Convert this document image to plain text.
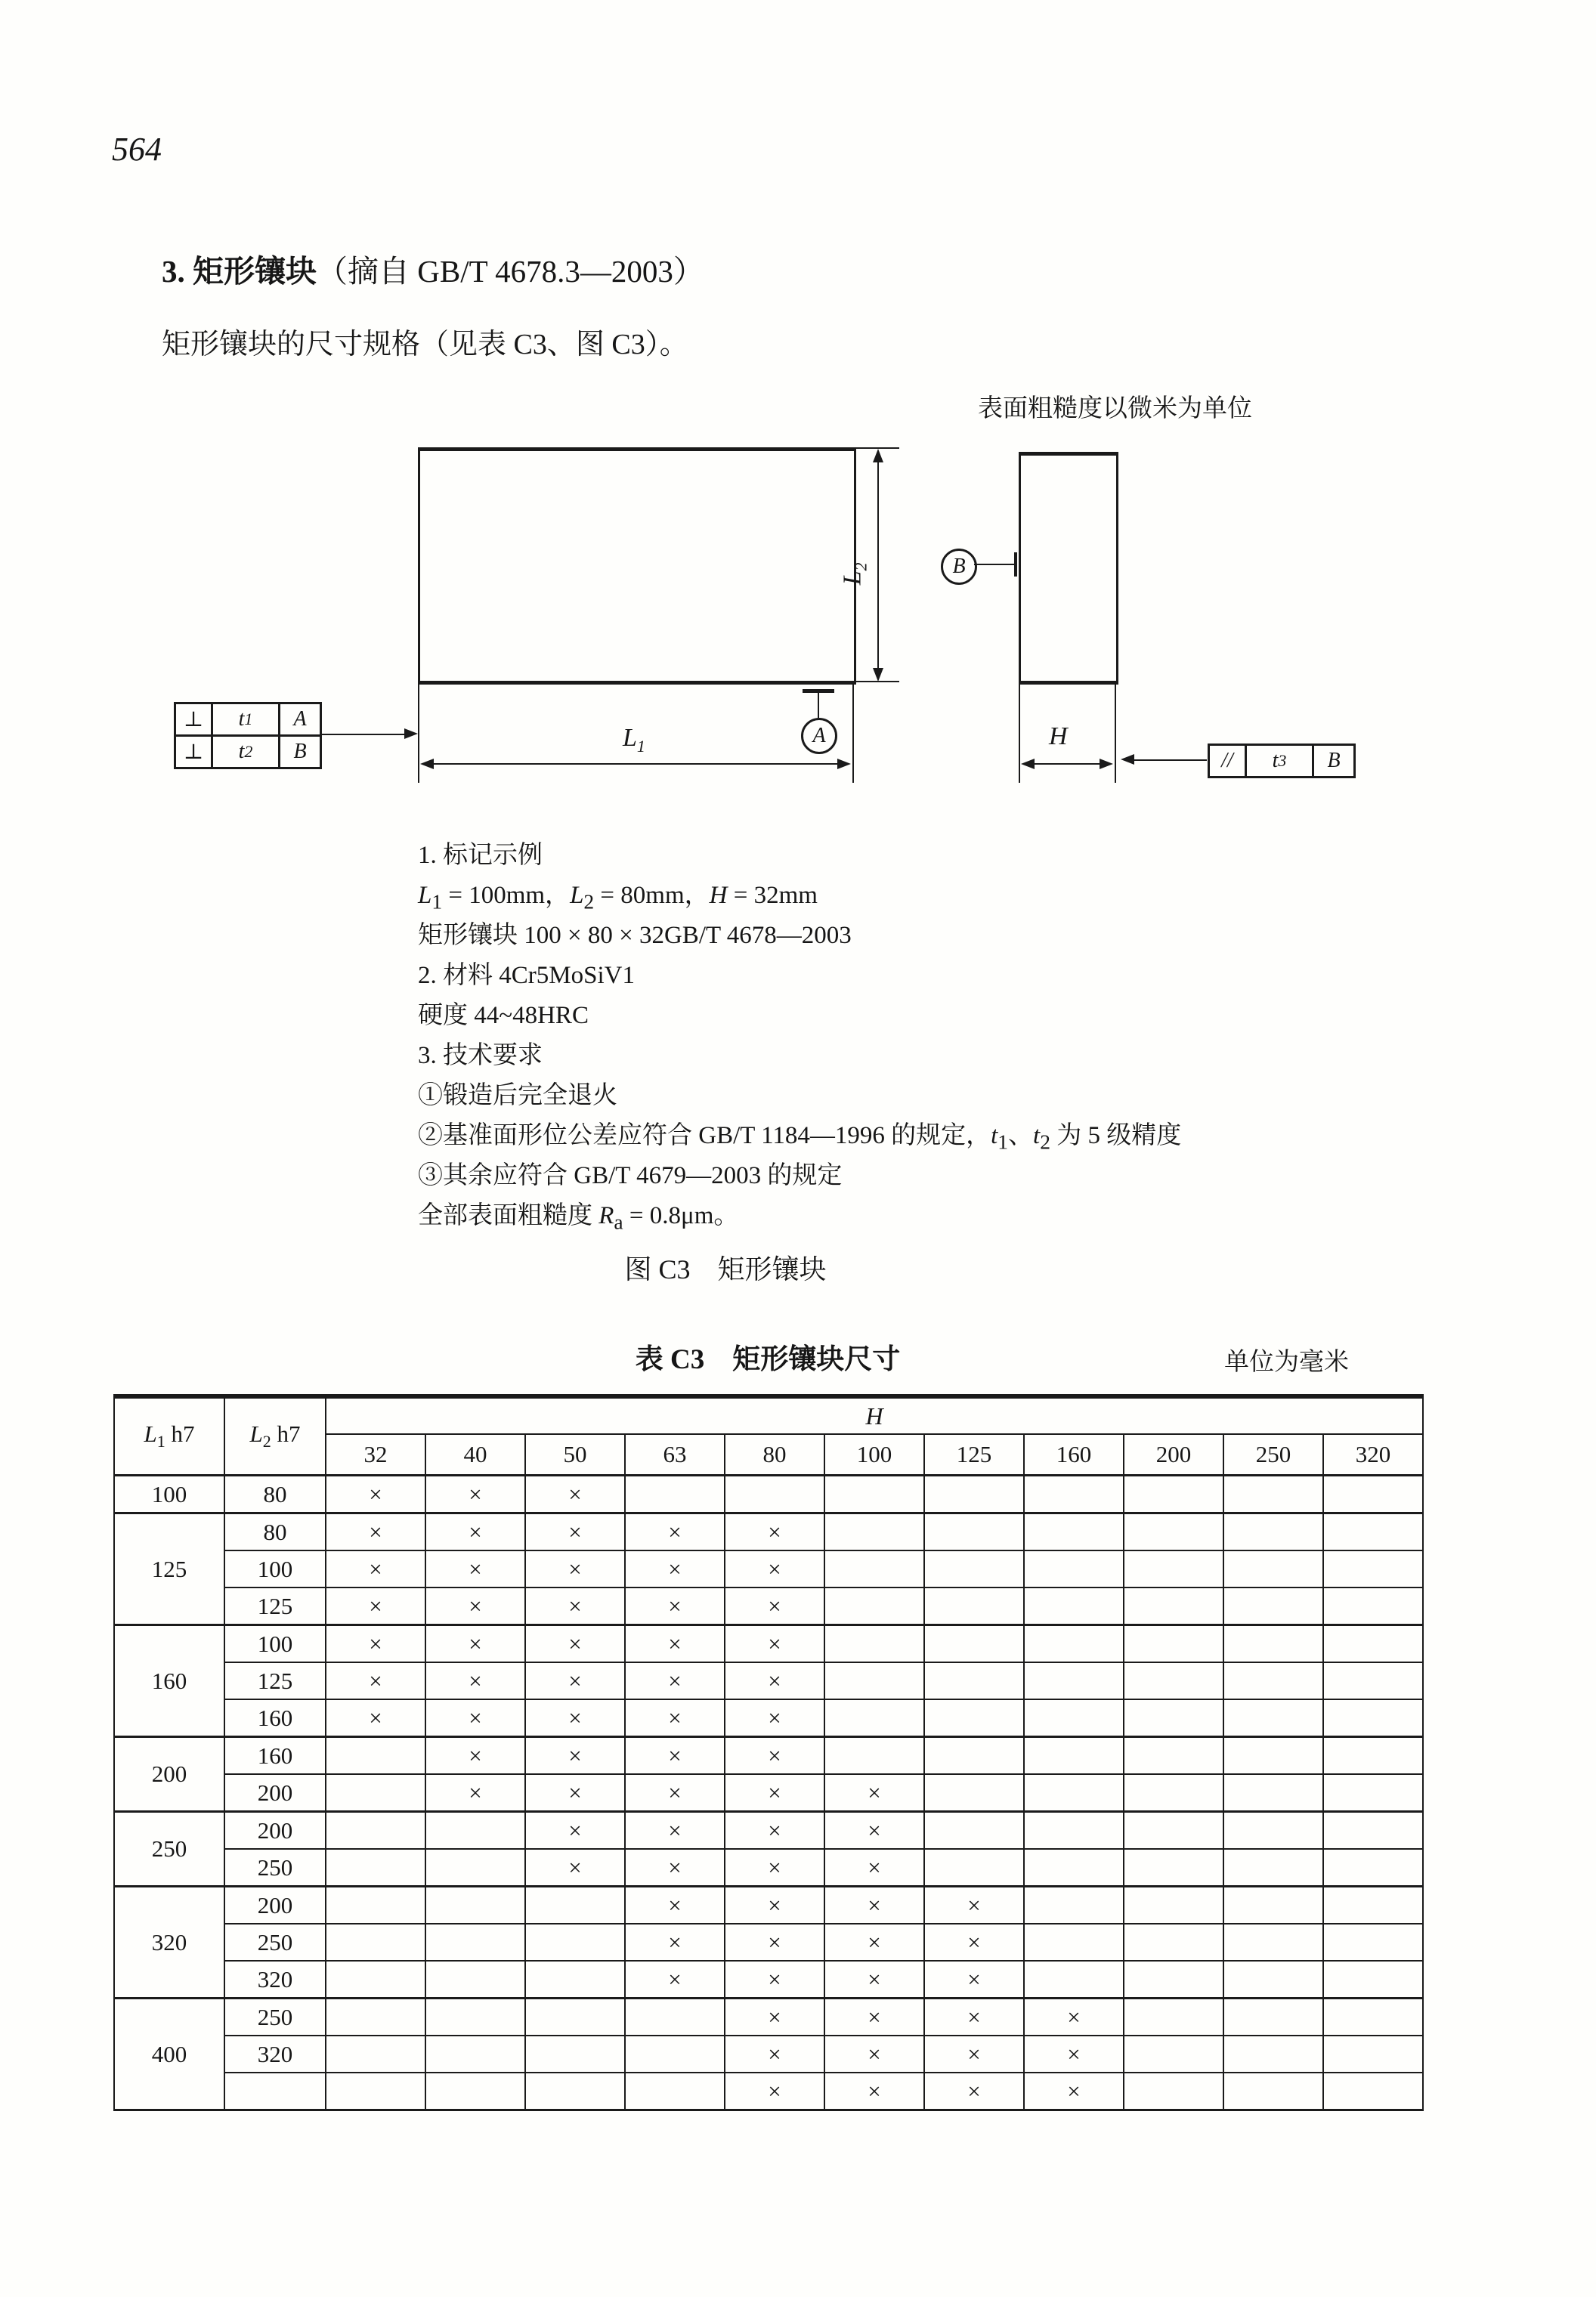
564
3. 矩形镶块（摘自 GB/T 4678.3—2003）
矩形镶块的尺寸规格（见表 C3、图 C3）。
表面粗糙度以微米为单位
$L_1$
$L_2$
A
⊥	t 1	A
⊥	t 2	B
H
B
//	t 3	B
1. 标记示例
$L_1 = 100mm$，$L_2 = 80mm$，H = 32mm
矩形镶块 100 × 80 × 32GB/T 4678—2003
2. 材料 4Cr5MoSiV1
硬度 44~48HRC
3. 技术要求
①锻造后完全退火
②基准面形位公差应符合 GB/T 1184—1996 的规定，$t_1$、$t_2$ 为 5 级精度
③其余应符合 GB/T 4679—2003 的规定
全部表面粗糙度 $R_a = 0.8\mu m$。
图 C3　矩形镶块
表 C3　矩形镶块尺寸	单位为毫米
$L_1$ h7	$L_2$ h7	H										
		32	40	50	63	80	100	125	160	200	250	320
100	80	×	×	×								
125	80	×	×	×	×	×						
	100	×	×	×	×	×						
	125	×	×	×	×	×						
160	100	×	×	×	×	×						
	125	×	×	×	×	×						
	160	×	×	×	×	×						
200	160		×	×	×	×						
	200		×	×	×	×	×					
250	200			×	×	×	×					
	250			×	×	×	×					
320	200				×	×	×	×				
	250				×	×	×	×				
	320				×	×	×	×				
400	250					×	×	×	×			
	320					×	×	×	×			
						×	×	×	×			
